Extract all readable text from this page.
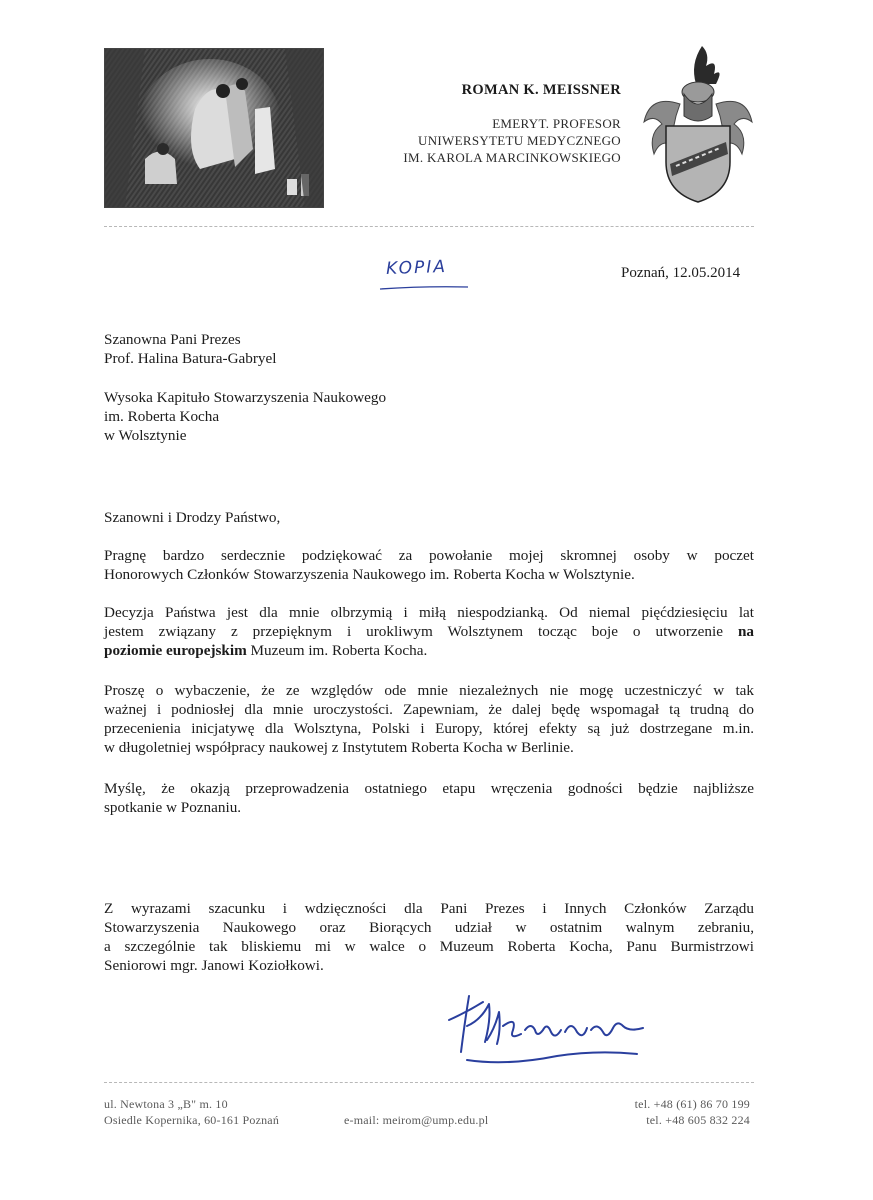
ROMAN K. MEISSNER
EMERYT. PROFESOR
UNIWERSYTETU MEDYCZNEGO
IM. KAROLA MARCINKOWSKIEGO
KOPIA	Poznań, 12.05.2014
Szanowna Pani Prezes
Prof. Halina Batura-Gabryel
Wysoka Kapituło Stowarzyszenia Naukowego
im. Roberta Kocha
w Wolsztynie
Szanowni i Drodzy Państwo,
Pragnę bardzo serdecznie podziękować za powołanie mojej skromnej osoby w poczet
Honorowych Członków Stowarzyszenia Naukowego im. Roberta Kocha w Wolsztynie.
Decyzja Państwa jest dla mnie olbrzymią i miłą niespodzianką. Od niemal pięćdziesięciu lat
jestem związany z przepięknym i urokliwym Wolsztynem tocząc boje o utworzenie na
poziomie europejskim Muzeum im. Roberta Kocha.
Proszę o wybaczenie, że ze względów ode mnie niezależnych nie mogę uczestniczyć w tak
ważnej i podniosłej dla mnie uroczystości. Zapewniam, że dalej będę wspomagał tą trudną do
przecenienia inicjatywę dla Wolsztyna, Polski i Europy, której efekty są już dostrzegane m.in.
w długoletniej współpracy naukowej z Instytutem Roberta Kocha w Berlinie.
Myślę, że okazją przeprowadzenia ostatniego etapu wręczenia godności będzie najbliższe
spotkanie w Poznaniu.
Z wyrazami szacunku i wdzięczności dla Pani Prezes i Innych Członków Zarządu
Stowarzyszenia Naukowego oraz Biorących udział w ostatnim walnym zebraniu,
a szczególnie tak bliskiemu mi w walce o Muzeum Roberta Kocha, Panu Burmistrzowi
Seniorowi mgr. Janowi Koziołkowi.
ul. Newtona 3 „B" m. 10
Osiedle Kopernika, 60-161 Poznań	e-mail: meirom@ump.edu.pl
tel. +48 (61) 86 70 199
tel. +48 605 832 224
